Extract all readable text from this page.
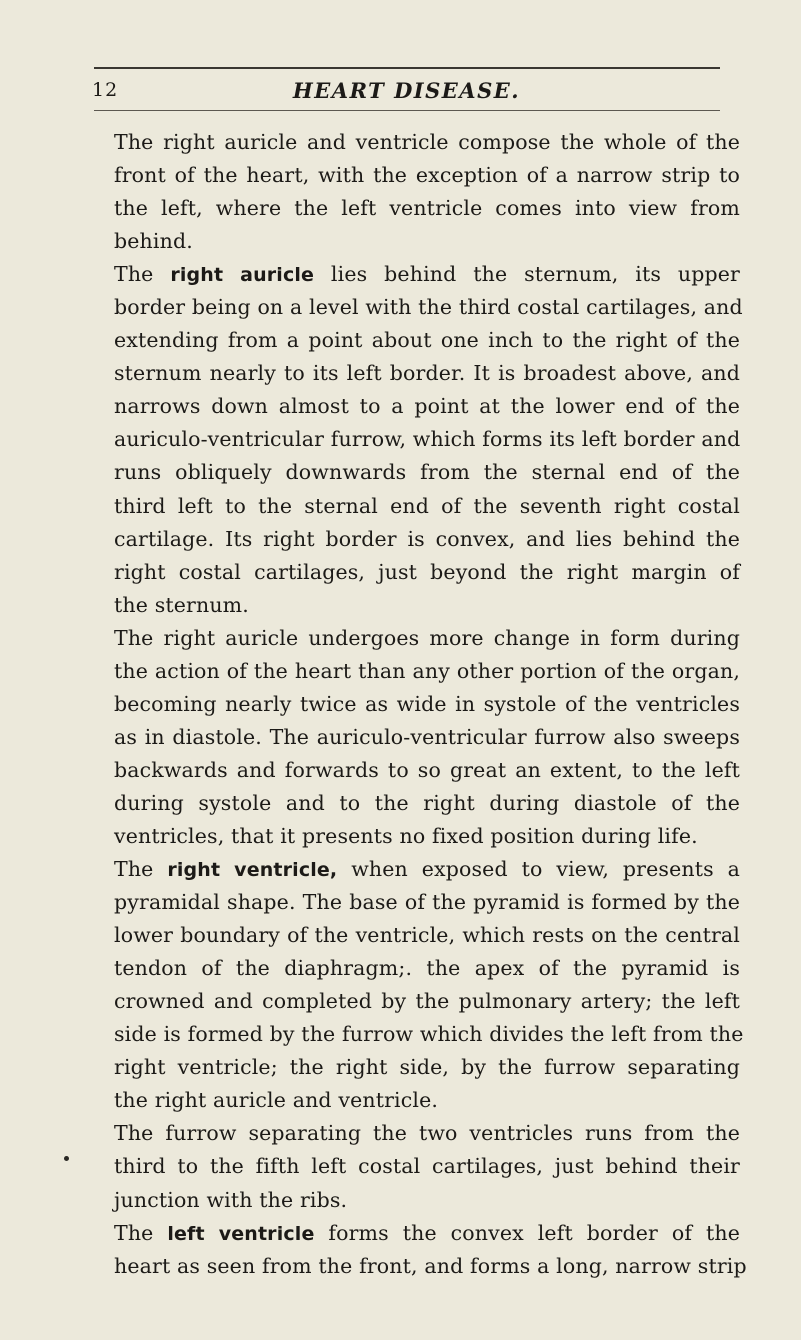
12	HEART DISEASE.
The right auricle and ventricle compose the whole of the
front of the heart, with the exception of a narrow strip to
the left, where the left ventricle comes into view from
behind.
The right auricle lies behind the sternum, its upper
border being on a level with the third costal cartilages, and
extending from a point about one inch to the right of the
sternum nearly to its left border. It is broadest above, and
narrows down almost to a point at the lower end of the
auriculo-ventricular furrow, which forms its left border and
runs obliquely downwards from the sternal end of the
third left to the sternal end of the seventh right costal
cartilage. Its right border is convex, and lies behind the
right costal cartilages, just beyond the right margin of
the sternum.
The right auricle undergoes more change in form during
the action of the heart than any other portion of the organ,
becoming nearly twice as wide in systole of the ventricles
as in diastole. The auriculo-ventricular furrow also sweeps
backwards and forwards to so great an extent, to the left
during systole and to the right during diastole of the
ventricles, that it presents no fixed position during life.
The right ventricle, when exposed to view, presents a
pyramidal shape. The base of the pyramid is formed by the
lower boundary of the ventricle, which rests on the central
tendon of the diaphragm;. the apex of the pyramid is
crowned and completed by the pulmonary artery; the left
side is formed by the furrow which divides the left from the
right ventricle; the right side, by the furrow separating
the right auricle and ventricle.
The furrow separating the two ventricles runs from the
third to the fifth left costal cartilages, just behind their
junction with the ribs.
The left ventricle forms the convex left border of the
heart as seen from the front, and forms a long, narrow strip
